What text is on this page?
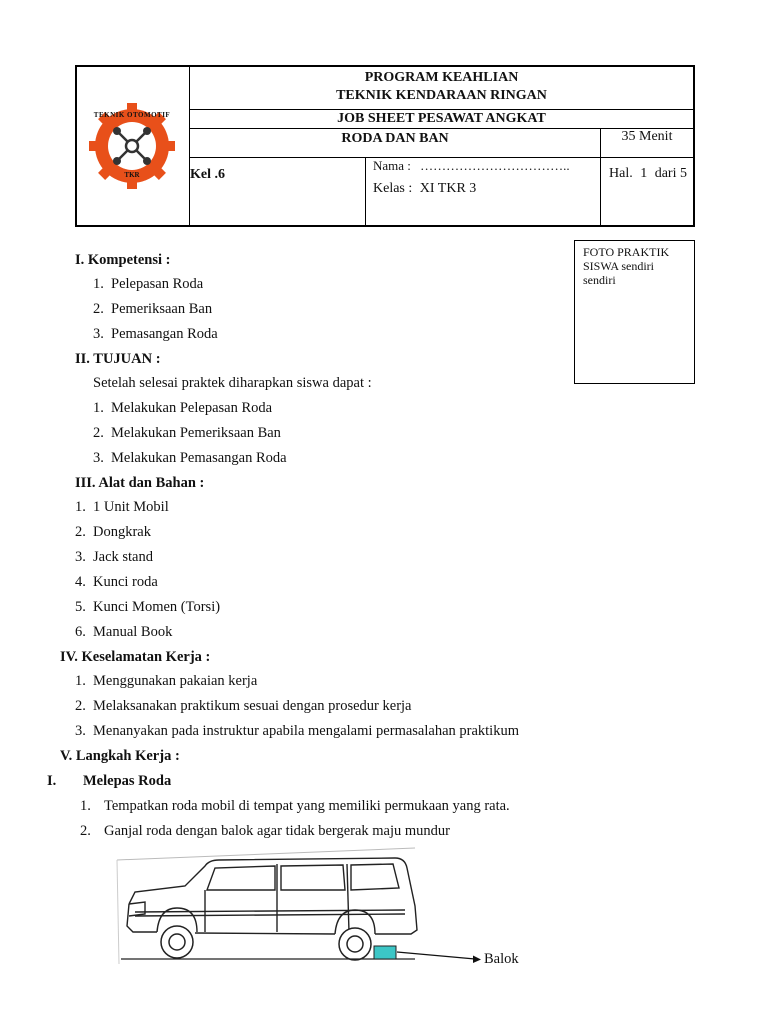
TEKNIK OTOMOTIF
TKR
PROGRAM KEAHLIAN
TEKNIK KENDARAAN RINGAN
JOB SHEET PESAWAT ANGKAT
RODA DAN BAN	35 Menit
Kel .6
Nama : ……………………………..
Kelas : XI TKR 3
Hal. 1 dari 5
FOTO PRAKTIK
SISWA sendiri
sendiri
I. Kompetensi :
1. Pelepasan Roda
2. Pemeriksaan Ban
3. Pemasangan Roda
II. TUJUAN :
Setelah selesai praktek diharapkan siswa dapat :
1. Melakukan Pelepasan Roda
2. Melakukan Pemeriksaan Ban
3. Melakukan Pemasangan Roda
III. Alat dan Bahan :
1. 1 Unit Mobil
2. Dongkrak
3. Jack stand
4. Kunci roda
5. Kunci Momen (Torsi)
6. Manual Book
IV. Keselamatan Kerja :
1. Menggunakan pakaian kerja
2. Melaksanakan praktikum sesuai dengan prosedur kerja
3. Menanyakan pada instruktur apabila mengalami permasalahan praktikum
V. Langkah Kerja :
I. Melepas Roda
1. Tempatkan roda mobil di tempat yang memiliki permukaan yang rata.
2. Ganjal roda dengan balok agar tidak bergerak maju mundur
Balok
